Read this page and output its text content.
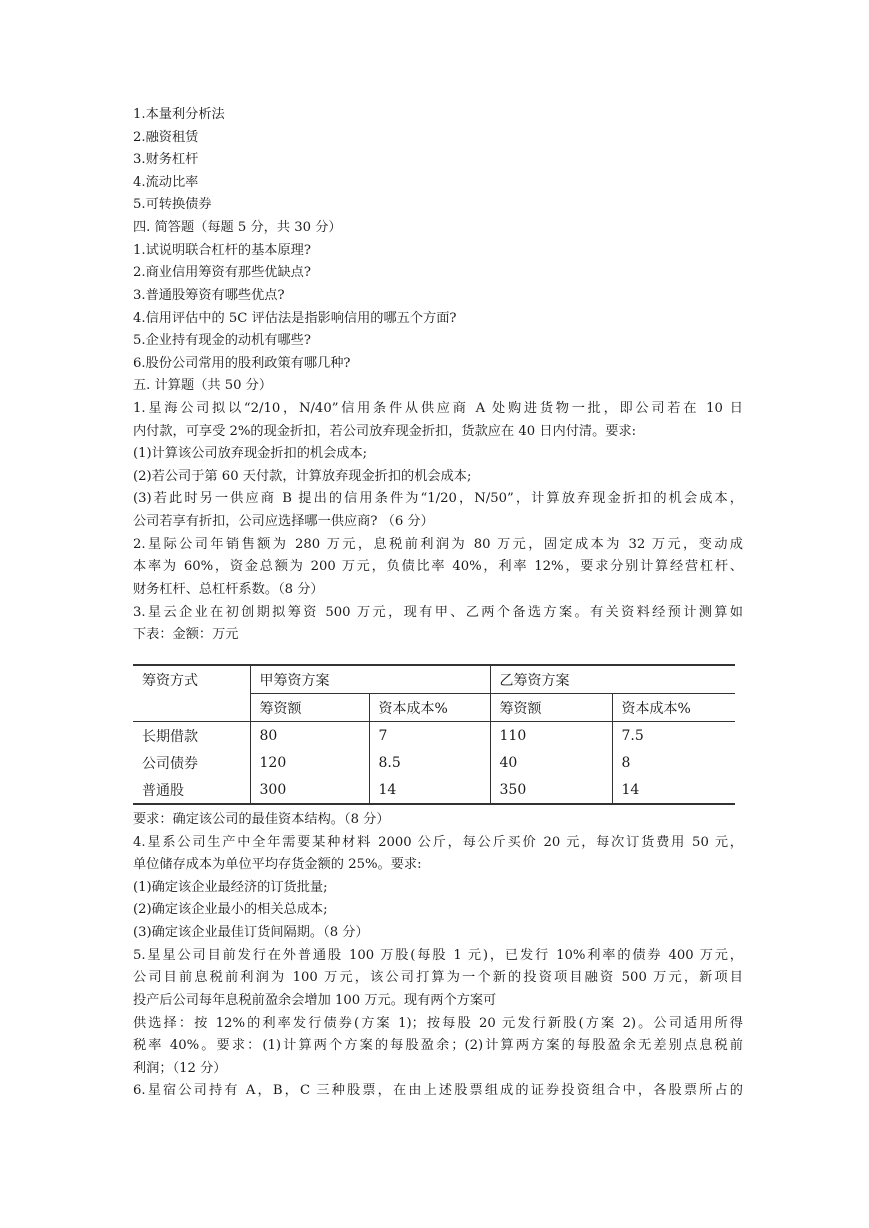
1.本量利分析法
2.融资租赁
3.财务杠杆
4.流动比率
5.可转换债券
四. 简答题（每题 5 分，共 30 分）
1.试说明联合杠杆的基本原理?
2.商业信用筹资有那些优缺点?
3.普通股筹资有哪些优点?
4.信用评估中的 5C 评估法是指影响信用的哪五个方面?
5.企业持有现金的动机有哪些?
6.股份公司常用的股利政策有哪几种?
五. 计算题（共 50 分）
1.星海公司拟以“2/10，N/40”信用条件从供应商 A 处购进货物一批，即公司若在 10 日
内付款，可享受 2%的现金折扣，若公司放弃现金折扣，货款应在 40 日内付清。要求:
(1)计算该公司放弃现金折扣的机会成本;
(2)若公司于第 60 天付款，计算放弃现金折扣的机会成本;
(3)若此时另一供应商 B 提出的信用条件为“1/20，N/50”，计算放弃现金折扣的机会成本，
公司若享有折扣，公司应选择哪一供应商? （6 分）
2.星际公司年销售额为 280 万元，息税前利润为 80 万元，固定成本为 32 万元，变动成
本率为 60%，资金总额为 200 万元，负债比率 40%，利率 12%，要求分别计算经营杠杆、
财务杠杆、总杠杆系数。（8 分）
3.星云企业在初创期拟筹资 500 万元，现有甲、乙两个备选方案。有关资料经预计测算如
下表：金额：万元
筹资方式	甲筹资方案		乙筹资方案	
	筹资额	资本成本%	筹资额	资本成本%
长期借款	80	7	110	7.5
公司债券	120	8.5	40	8
普通股	300	14	350	14
要求：确定该公司的最佳资本结构。（8 分）
4.星系公司生产中全年需要某种材料 2000 公斤，每公斤买价 20 元，每次订货费用 50 元，
单位储存成本为单位平均存货金额的 25%。要求:
(1)确定该企业最经济的订货批量;
(2)确定该企业最小的相关总成本;
(3)确定该企业最佳订货间隔期。（8 分）
5.星星公司目前发行在外普通股 100 万股(每股 1 元)，已发行 10%利率的债券 400 万元，
公司目前息税前利润为 100 万元，该公司打算为一个新的投资项目融资 500 万元，新项目
投产后公司每年息税前盈余会增加 100 万元。现有两个方案可
供选择：按 12%的利率发行债券(方案 1)；按每股 20 元发行新股(方案 2)。公司适用所得
税率 40%。要求：(1)计算两个方案的每股盈余；(2)计算两方案的每股盈余无差别点息税前
利润；（12 分）
6.星宿公司持有 A，B，C 三种股票，在由上述股票组成的证券投资组合中，各股票所占的
